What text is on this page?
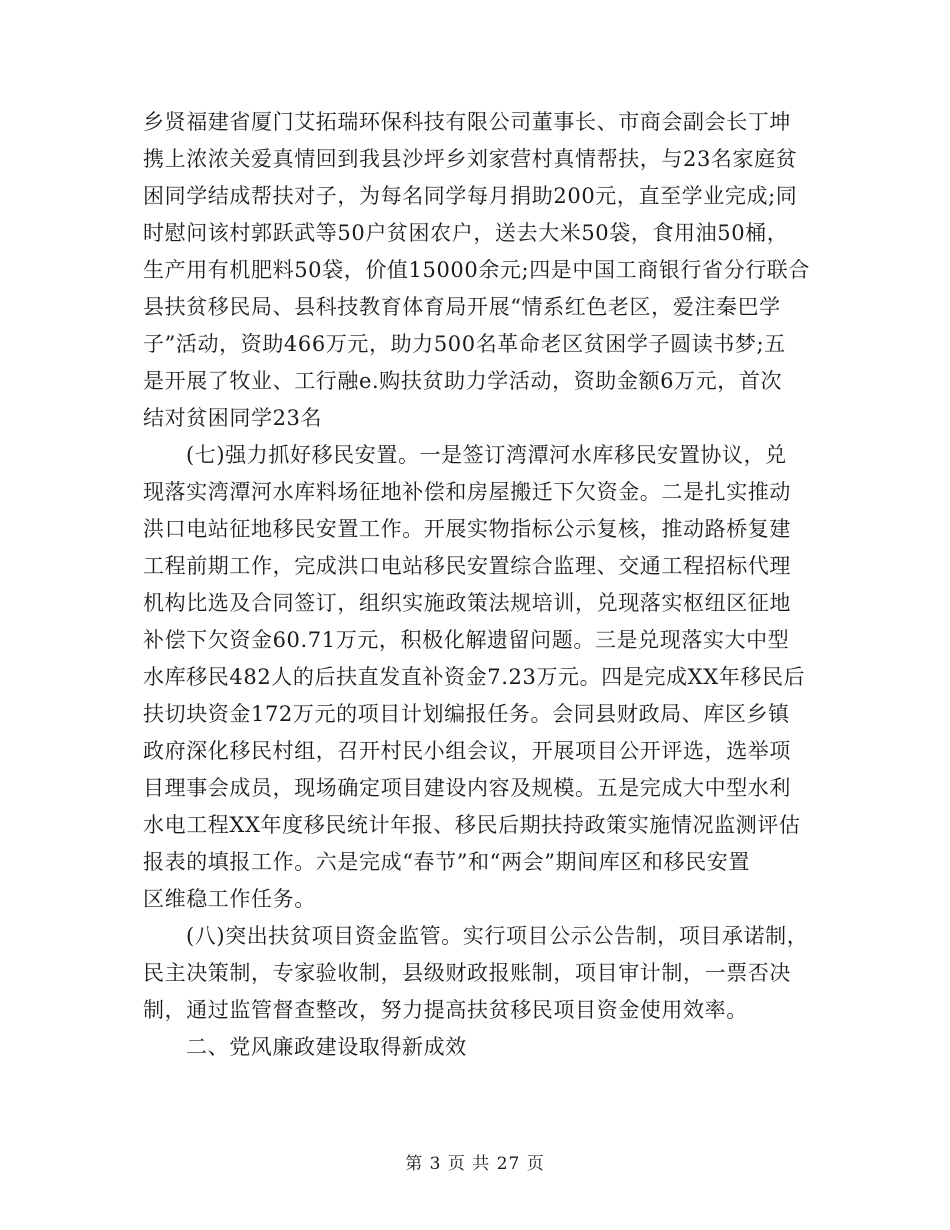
乡贤福建省厦门艾拓瑞环保科技有限公司董事长、市商会副会长丁坤
携上浓浓关爱真情回到我县沙坪乡刘家营村真情帮扶，与23名家庭贫
困同学结成帮扶对子，为每名同学每月捐助200元，直至学业完成;同
时慰问该村郭跃武等50户贫困农户，送去大米50袋，食用油50桶，
生产用有机肥料50袋，价值15000余元;四是中国工商银行省分行联合
县扶贫移民局、县科技教育体育局开展“情系红色老区，爱注秦巴学
子”活动，资助466万元，助力500名革命老区贫困学子圆读书梦;五
是开展了牧业、工行融e.购扶贫助力学活动，资助金额6万元，首次
结对贫困同学23名
(七)强力抓好移民安置。一是签订湾潭河水库移民安置协议，兑
现落实湾潭河水库料场征地补偿和房屋搬迁下欠资金。二是扎实推动
洪口电站征地移民安置工作。开展实物指标公示复核，推动路桥复建
工程前期工作，完成洪口电站移民安置综合监理、交通工程招标代理
机构比选及合同签订，组织实施政策法规培训，兑现落实枢纽区征地
补偿下欠资金60.71万元，积极化解遗留问题。三是兑现落实大中型
水库移民482人的后扶直发直补资金7.23万元。四是完成XX年移民后
扶切块资金172万元的项目计划编报任务。会同县财政局、库区乡镇
政府深化移民村组，召开村民小组会议，开展项目公开评选，选举项
目理事会成员，现场确定项目建设内容及规模。五是完成大中型水利
水电工程XX年度移民统计年报、移民后期扶持政策实施情况监测评估
报表的填报工作。六是完成“春节”和“两会”期间库区和移民安置
区维稳工作任务。
(八)突出扶贫项目资金监管。实行项目公示公告制，项目承诺制，
民主决策制，专家验收制，县级财政报账制，项目审计制，一票否决
制，通过监管督查整改，努力提高扶贫移民项目资金使用效率。
二、党风廉政建设取得新成效
第 3 页 共 27 页
